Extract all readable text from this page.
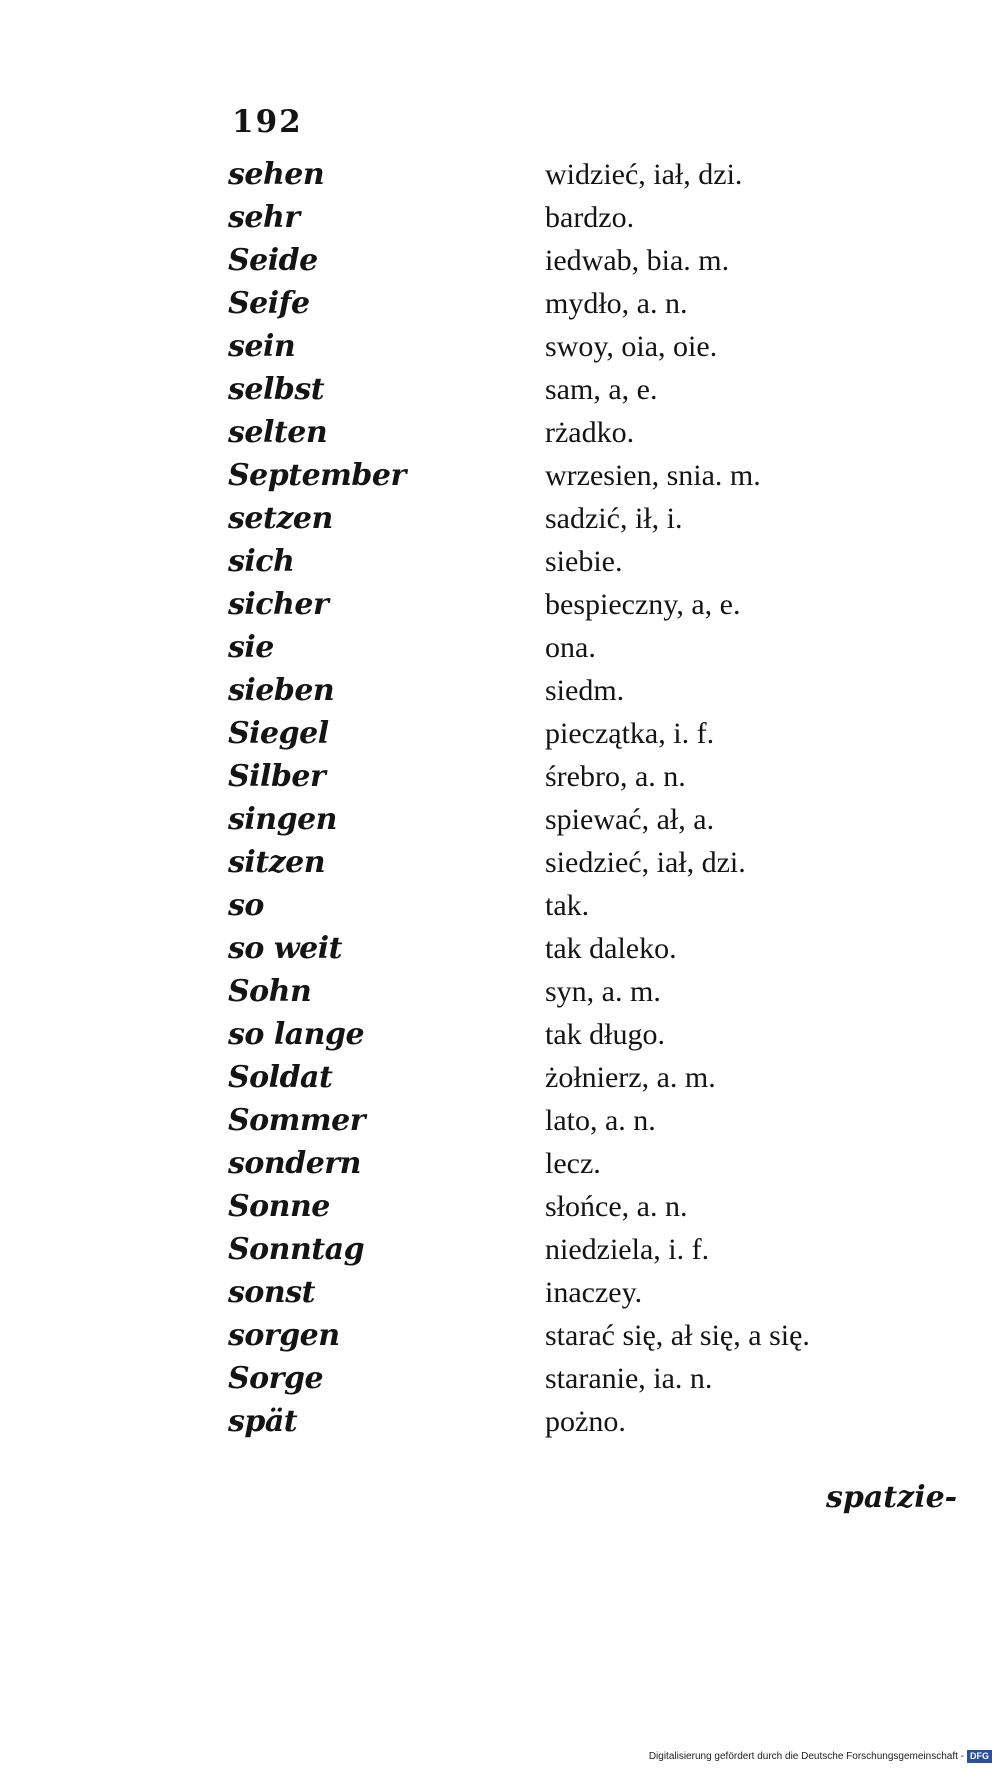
192
sehen	widzieć, iał, dzi.
sehr	bardzo.
Seide	iedwab, bia. m.
Seife	mydło, a. n.
sein	swoy, oia, oie.
selbst	sam, a, e.
selten	rżadko.
September	wrzesien, snia. m.
setzen	sadzić, ił, i.
sich	siebie.
sicher	bespieczny, a, e.
sie	ona.
sieben	siedm.
Siegel	pieczątka, i. f.
Silber	śrebro, a. n.
singen	spiewać, ał, a.
sitzen	siedzieć, iał, dzi.
so	tak.
so weit	tak daleko.
Sohn	syn, a. m.
so lange	tak długo.
Soldat	żołnierz, a. m.
Sommer	lato, a. n.
sondern	lecz.
Sonne	słońce, a. n.
Sonntag	niedziela, i. f.
sonst	inaczey.
sorgen	starać się, ał się, a się.
Sorge	staranie, ia. n.
spät	pożno.
spatzie-
Digitalisierung gefördert durch die Deutsche Forschungsgemeinschaft - DFG
